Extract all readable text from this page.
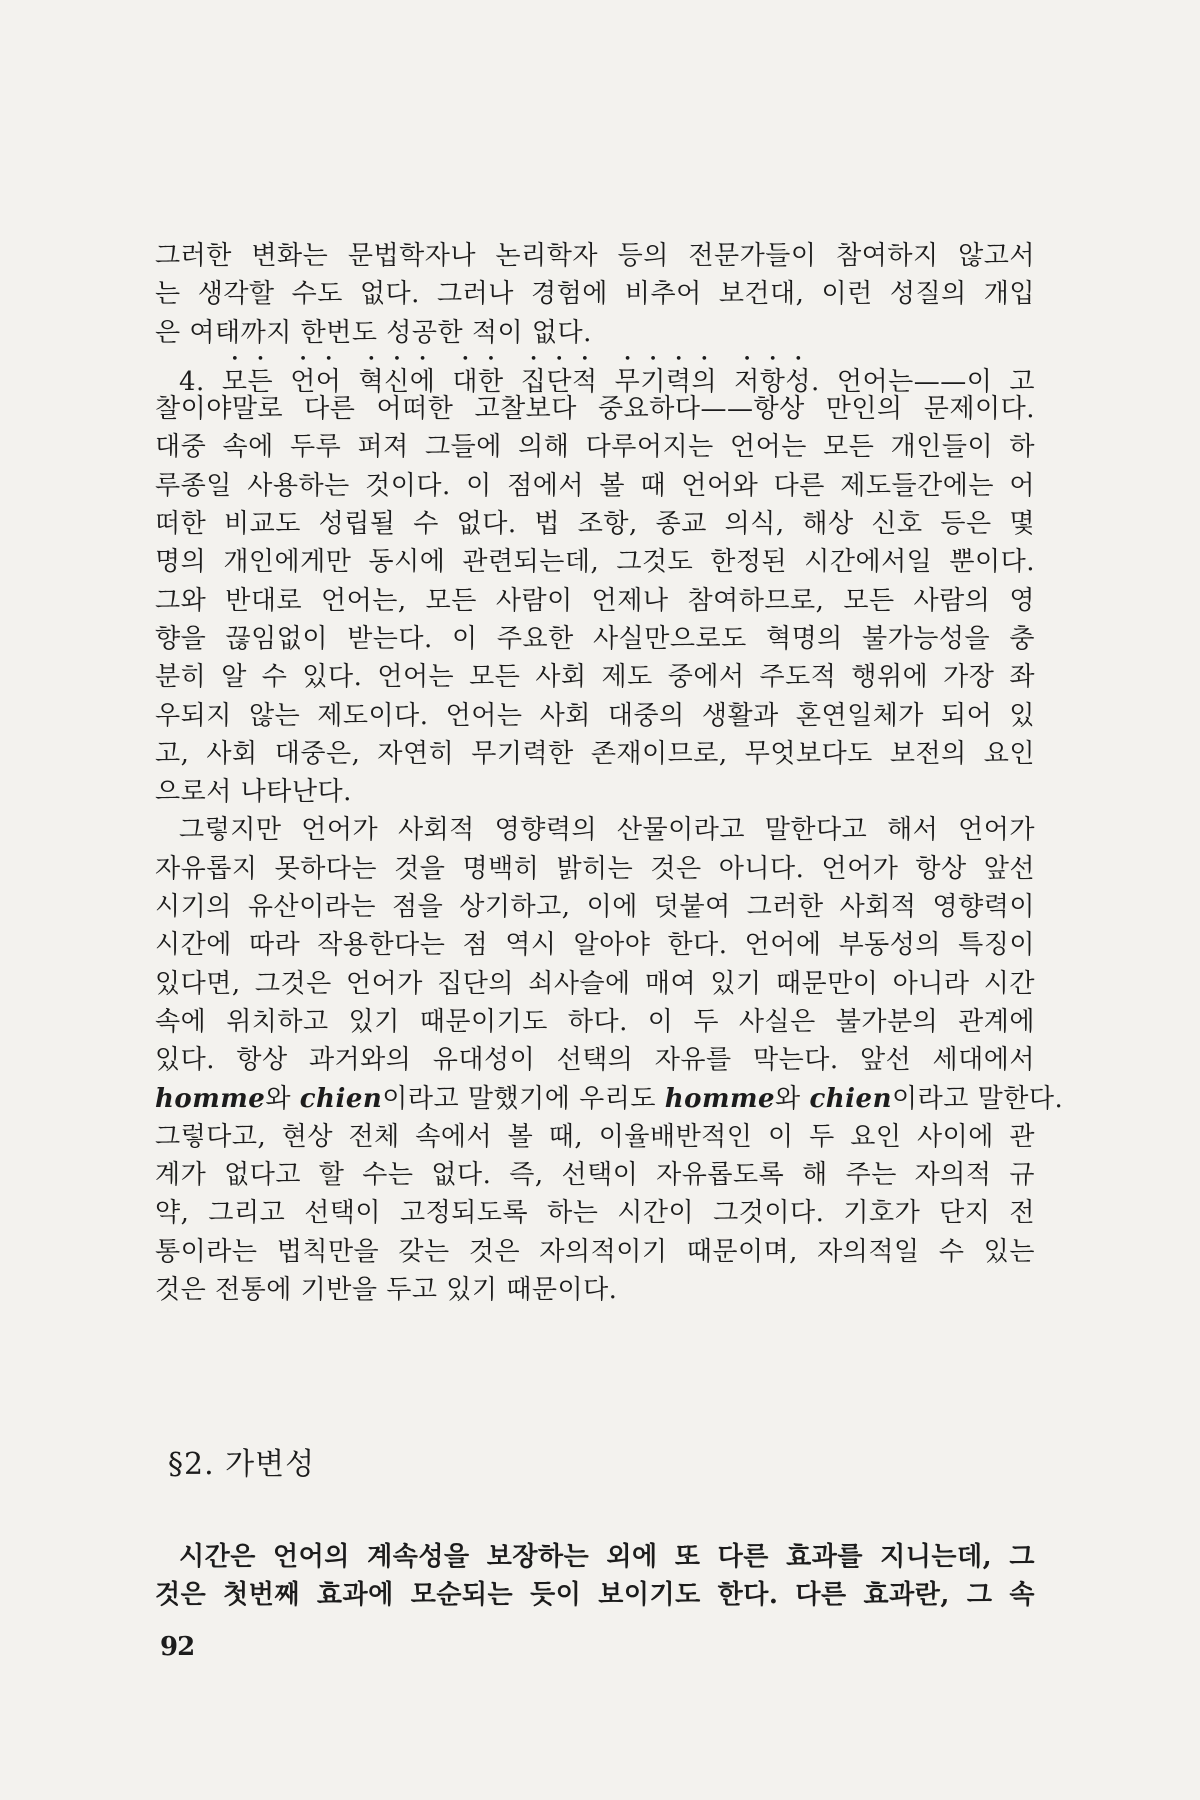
그러한 변화는 문법학자나 논리학자 등의 전문가들이 참여하지 않고서
는 생각할 수도 없다. 그러나 경험에 비추어 보건대, 이런 성질의 개입
은 여태까지 한번도 성공한 적이 없다.
4. 모든 언어 혁신에 대한 집단적 무기력의 저항성. 언어는——이 고
찰이야말로 다른 어떠한 고찰보다 중요하다——항상 만인의 문제이다.
대중 속에 두루 퍼져 그들에 의해 다루어지는 언어는 모든 개인들이 하
루종일 사용하는 것이다. 이 점에서 볼 때 언어와 다른 제도들간에는 어
떠한 비교도 성립될 수 없다. 법 조항, 종교 의식, 해상 신호 등은 몇
명의 개인에게만 동시에 관련되는데, 그것도 한정된 시간에서일 뿐이다.
그와 반대로 언어는, 모든 사람이 언제나 참여하므로, 모든 사람의 영
향을 끊임없이 받는다. 이 주요한 사실만으로도 혁명의 불가능성을 충
분히 알 수 있다. 언어는 모든 사회 제도 중에서 주도적 행위에 가장 좌
우되지 않는 제도이다. 언어는 사회 대중의 생활과 혼연일체가 되어 있
고, 사회 대중은, 자연히 무기력한 존재이므로, 무엇보다도 보전의 요인
으로서 나타난다.
그렇지만 언어가 사회적 영향력의 산물이라고 말한다고 해서 언어가
자유롭지 못하다는 것을 명백히 밝히는 것은 아니다. 언어가 항상 앞선
시기의 유산이라는 점을 상기하고, 이에 덧붙여 그러한 사회적 영향력이
시간에 따라 작용한다는 점 역시 알아야 한다. 언어에 부동성의 특징이
있다면, 그것은 언어가 집단의 쇠사슬에 매여 있기 때문만이 아니라 시간
속에 위치하고 있기 때문이기도 하다. 이 두 사실은 불가분의 관계에
있다. 항상 과거와의 유대성이 선택의 자유를 막는다. 앞선 세대에서
homme와 chien이라고 말했기에 우리도 homme와 chien이라고 말한다.
그렇다고, 현상 전체 속에서 볼 때, 이율배반적인 이 두 요인 사이에 관
계가 없다고 할 수는 없다. 즉, 선택이 자유롭도록 해 주는 자의적 규
약, 그리고 선택이 고정되도록 하는 시간이 그것이다. 기호가 단지 전
통이라는 법칙만을 갖는 것은 자의적이기 때문이며, 자의적일 수 있는
것은 전통에 기반을 두고 있기 때문이다.
§2. 가변성
시간은 언어의 계속성을 보장하는 외에 또 다른 효과를 지니는데, 그
것은 첫번째 효과에 모순되는 듯이 보이기도 한다. 다른 효과란, 그 속
92
